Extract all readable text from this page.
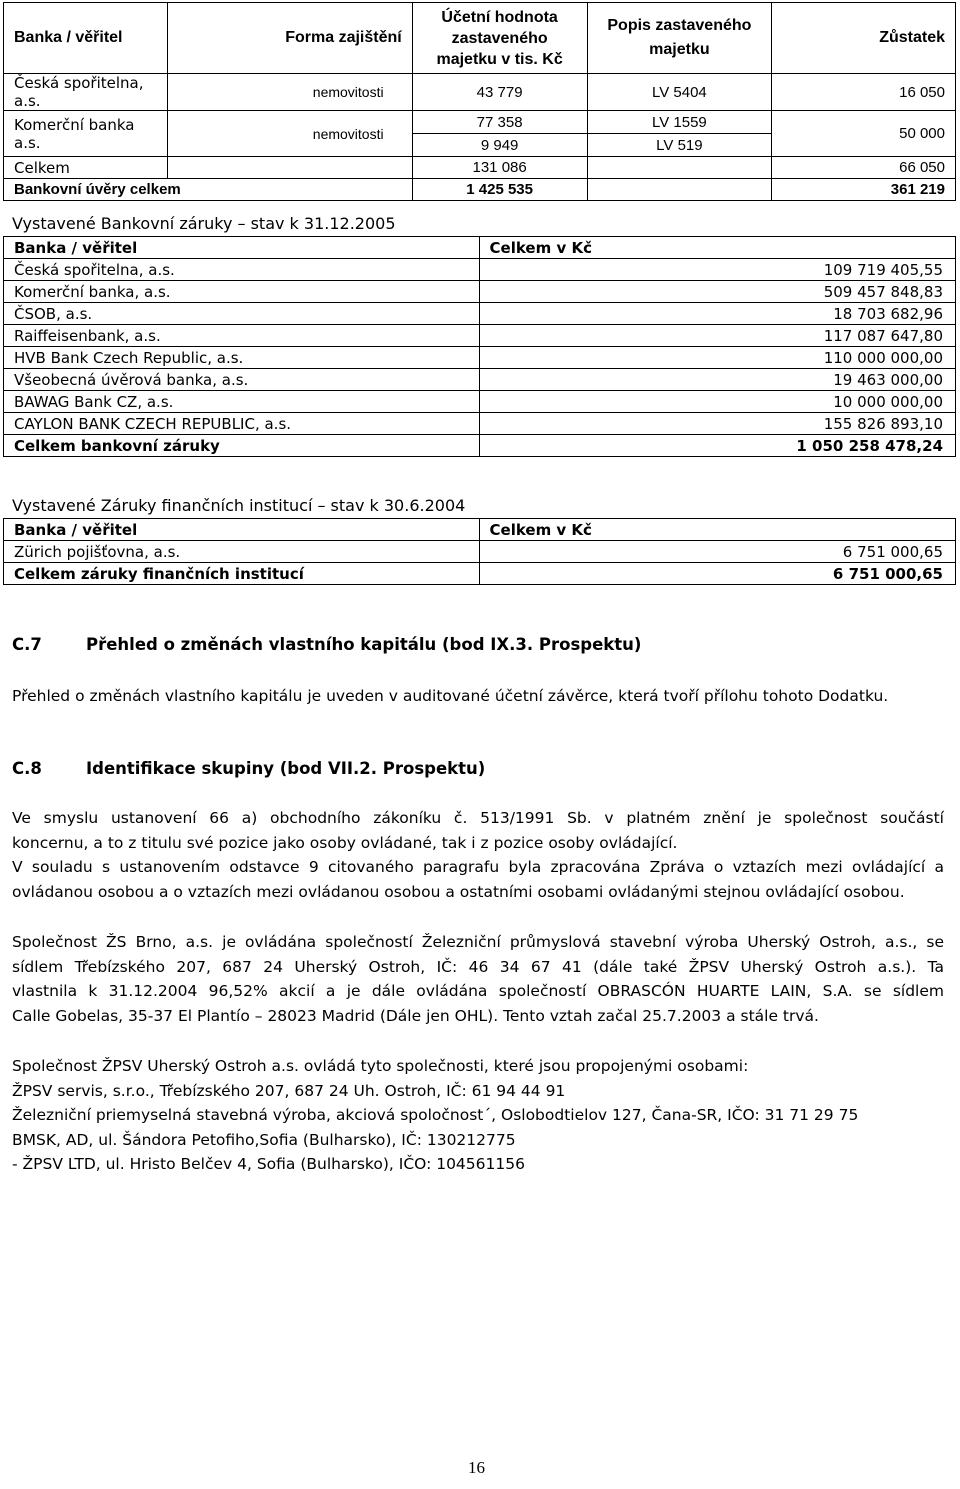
Banka / věřitel	Forma zajištění	Účetní hodnota zastaveného majetku v tis. Kč	Popis zastaveného majetku	Zůstatek
Česká spořitelna, a.s.	nemovitosti	43 779	LV 5404	16 050
Komerční banka a.s.	nemovitosti	77 358	LV 1559	50 000
		9 949	LV 519	
Celkem		131 086		66 050
Bankovní úvěry celkem		1 425 535		361 219
Vystavené Bankovní záruky – stav k 31.12.2005
Banka / věřitel	Celkem v Kč
Česká spořitelna, a.s.	109 719 405,55
Komerční banka, a.s.	509 457 848,83
ČSOB, a.s.	18 703 682,96
Raiffeisenbank, a.s.	117 087 647,80
HVB Bank Czech Republic, a.s.	110 000 000,00
Všeobecná úvěrová banka, a.s.	19 463 000,00
BAWAG Bank CZ, a.s.	10 000 000,00
CAYLON BANK CZECH REPUBLIC, a.s.	155 826 893,10
Celkem bankovní záruky	1 050 258 478,24
Vystavené Záruky finančních institucí – stav k 30.6.2004
Banka / věřitel	Celkem v Kč
Zürich pojišťovna, a.s.	6 751 000,65
Celkem záruky finančních institucí	6 751 000,65
C.7	Přehled o změnách vlastního kapitálu (bod IX.3. Prospektu)
Přehled o změnách vlastního kapitálu je uveden v auditované účetní závěrce, která tvoří přílohu tohoto Dodatku.
C.8	Identifikace skupiny (bod VII.2. Prospektu)
Ve smyslu ustanovení 66 a) obchodního zákoníku č. 513/1991 Sb. v platném znění je společnost součástí
koncernu, a to z titulu své pozice jako osoby ovládané, tak i z pozice osoby ovládající.
V souladu s ustanovením odstavce 9 citovaného paragrafu byla zpracována Zpráva o vztazích mezi ovládající a
ovládanou osobou a o vztazích mezi ovládanou osobou a ostatními osobami ovládanými stejnou ovládající osobou.
Společnost ŽS Brno, a.s. je ovládána společností Železniční průmyslová stavební výroba Uherský Ostroh, a.s., se
sídlem Třebízského 207, 687 24 Uherský Ostroh, IČ: 46 34 67 41 (dále také ŽPSV Uherský Ostroh a.s.). Ta
vlastnila k 31.12.2004 96,52% akcií a je dále ovládána společností OBRASCÓN HUARTE LAIN, S.A. se sídlem
Calle Gobelas, 35-37 El Plantío – 28023 Madrid (Dále jen OHL). Tento vztah začal 25.7.2003 a stále trvá.
Společnost ŽPSV Uherský Ostroh a.s. ovládá tyto společnosti, které jsou propojenými osobami:
ŽPSV servis, s.r.o., Třebízského 207, 687 24 Uh. Ostroh, IČ: 61 94 44 91
Železniční priemyselná stavebná výroba, akciová spoločnost´, Oslobodtielov 127, Čana-SR, IČO: 31 71 29 75
BMSK, AD, ul. Šándora Petofiho,Sofia (Bulharsko), IČ: 130212775
- ŽPSV LTD, ul. Hristo Belčev 4, Sofia (Bulharsko), IČO: 104561156
16
